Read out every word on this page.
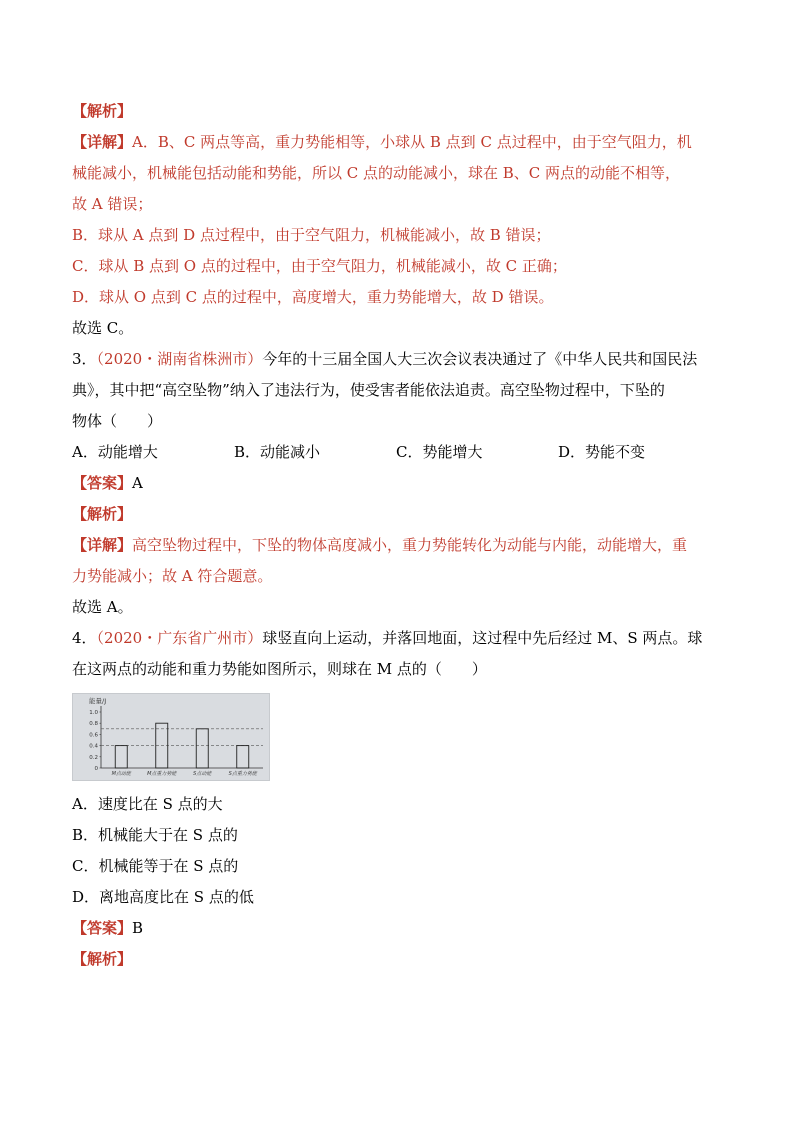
【解析】
【详解】A．B、C 两点等高，重力势能相等，小球从 B 点到 C 点过程中，由于空气阻力，机
械能减小，机械能包括动能和势能，所以 C 点的动能减小，球在 B、C 两点的动能不相等，
故 A 错误；
B．球从 A 点到 D 点过程中，由于空气阻力，机械能减小，故 B 错误；
C．球从 B 点到 O 点的过程中，由于空气阻力，机械能减小，故 C 正确；
D．球从 O 点到 C 点的过程中，高度增大，重力势能增大，故 D 错误。
故选 C。
3．（2020・湖南省株洲市）今年的十三届全国人大三次会议表决通过了《中华人民共和国民法
典》，其中把“高空坠物”纳入了违法行为，使受害者能依法追责。高空坠物过程中，下坠的
物体（　　）
A．动能增大	B．动能减小	C．势能增大	D．势能不变
【答案】A
【解析】
【详解】高空坠物过程中，下坠的物体高度减小，重力势能转化为动能与内能，动能增大，重
力势能减小；故 A 符合题意。
故选 A。
4．（2020・广东省广州市）球竖直向上运动，并落回地面，这过程中先后经过 M、S 两点。球
在这两点的动能和重力势能如图所示，则球在 M 点的（　　）
能量/J
1.0
0.8
0.6
0.4
0.2
0
M点动能	M点重力势能	S点动能	S点重力势能
A．速度比在 S 点的大
B．机械能大于在 S 点的
C．机械能等于在 S 点的
D．离地高度比在 S 点的低
【答案】B
【解析】
